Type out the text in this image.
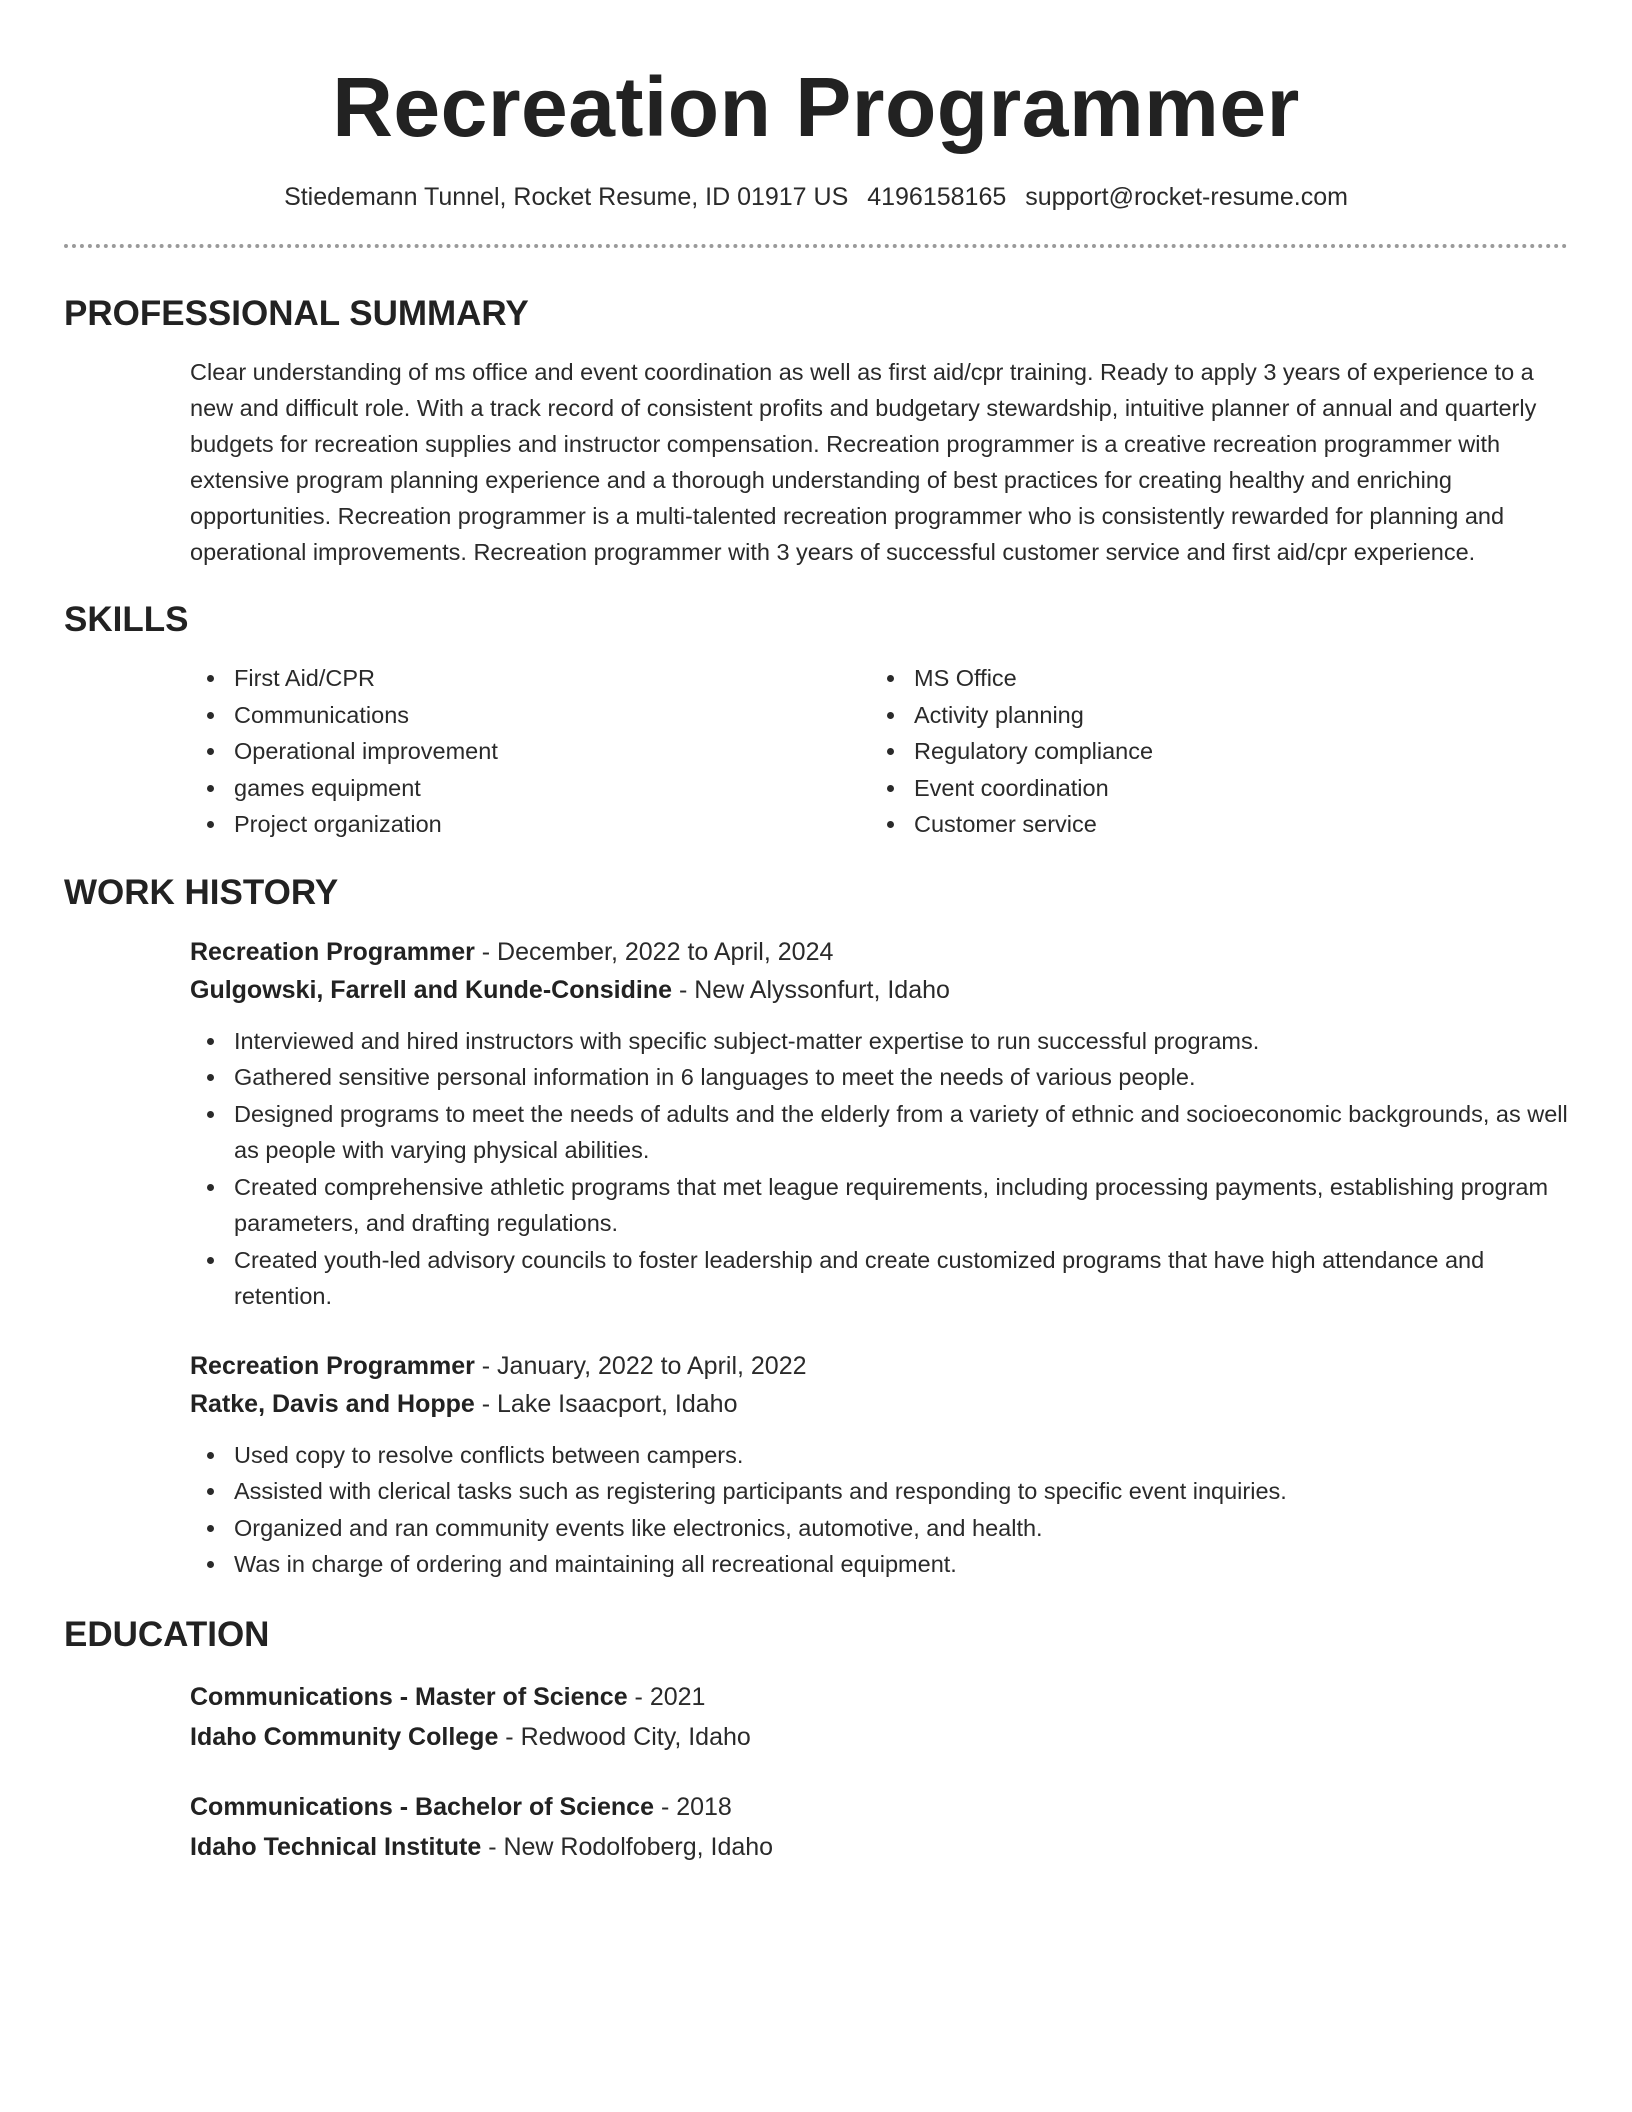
Recreation Programmer
Stiedemann Tunnel, Rocket Resume, ID 01917 US 4196158165 support@rocket-resume.com
PROFESSIONAL SUMMARY
Clear understanding of ms office and event coordination as well as first aid/cpr training. Ready to apply 3 years of experience to a new and difficult role. With a track record of consistent profits and budgetary stewardship, intuitive planner of annual and quarterly budgets for recreation supplies and instructor compensation. Recreation programmer is a creative recreation programmer with extensive program planning experience and a thorough understanding of best practices for creating healthy and enriching opportunities. Recreation programmer is a multi-talented recreation programmer who is consistently rewarded for planning and operational improvements. Recreation programmer with 3 years of successful customer service and first aid/cpr experience.
SKILLS
First Aid/CPR
Communications
Operational improvement
games equipment
Project organization
MS Office
Activity planning
Regulatory compliance
Event coordination
Customer service
WORK HISTORY
Recreation Programmer - December, 2022 to April, 2024
Gulgowski, Farrell and Kunde-Considine - New Alyssonfurt, Idaho
Interviewed and hired instructors with specific subject-matter expertise to run successful programs.
Gathered sensitive personal information in 6 languages to meet the needs of various people.
Designed programs to meet the needs of adults and the elderly from a variety of ethnic and socioeconomic backgrounds, as well as people with varying physical abilities.
Created comprehensive athletic programs that met league requirements, including processing payments, establishing program parameters, and drafting regulations.
Created youth-led advisory councils to foster leadership and create customized programs that have high attendance and retention.
Recreation Programmer - January, 2022 to April, 2022
Ratke, Davis and Hoppe - Lake Isaacport, Idaho
Used copy to resolve conflicts between campers.
Assisted with clerical tasks such as registering participants and responding to specific event inquiries.
Organized and ran community events like electronics, automotive, and health.
Was in charge of ordering and maintaining all recreational equipment.
EDUCATION
Communications - Master of Science - 2021
Idaho Community College - Redwood City, Idaho
Communications - Bachelor of Science - 2018
Idaho Technical Institute - New Rodolfoberg, Idaho
